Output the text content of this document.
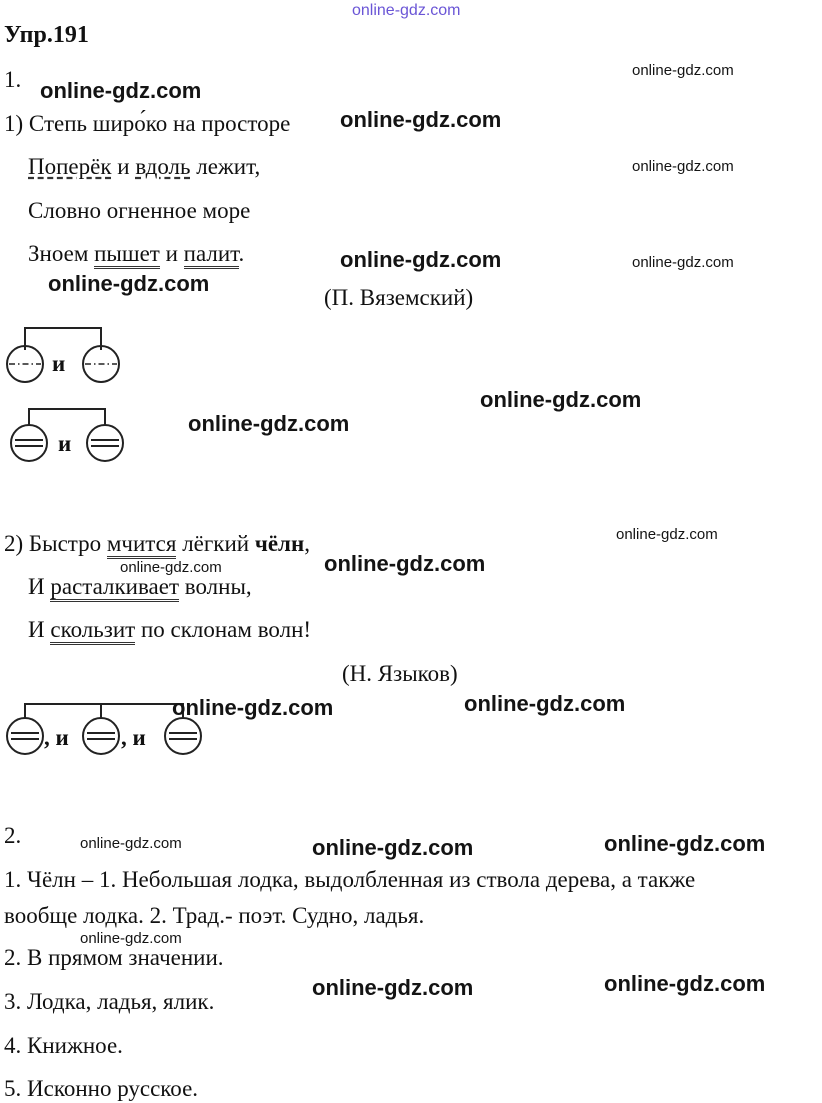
online-gdz.com
Упр.191
1.
1) Степь широ́ко на просторе
Поперёк и вдоль лежит,
Словно огненное море
Зноем пышет и палит.
(П. Вяземский)
и
и
2) Быстро мчится лёгкий чёлн,
И расталкивает волны,
И скользит по склонам волн!
(Н. Языков)
, и , и
2.
1. Чёлн – 1. Небольшая лодка, выдолбленная из ствола дерева, а также
вообще лодка. 2. Трад.- поэт. Судно, ладья.
2. В прямом значении.
3. Лодка, ладья, ялик.
4. Книжное.
5. Исконно русское.
online-gdz.com
online-gdz.com
online-gdz.com
online-gdz.com
online-gdz.com	online-gdz.com
online-gdz.com
online-gdz.com
online-gdz.com
online-gdz.com
online-gdz.com
online-gdz.com
online-gdz.com
online-gdz.com
online-gdz.com	online-gdz.com
online-gdz.com
online-gdz.com
online-gdz.com
online-gdz.com
